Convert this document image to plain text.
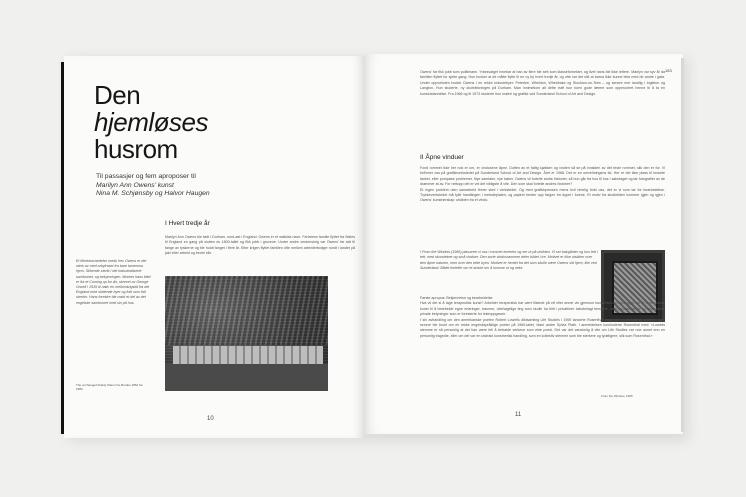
Den
hjemløses
husrom
Til passasjer og fem aproposer til
Marilyn Ann Owens’ kunst
Nina M. Schjønsby og Halvor Haugen
I Hvert tredje år
Marilyn Ann Owens ble født i Durham, nord-øst i England. Owens er et walisisk navn. Farfarens familie flyttet fra Wales til England en gang på slutten av 1800-tallet og fikk jobb i gruvene. Under andre verdenskrig var Owens’ far tatt til fange av tyskerne og ble holdt fanget i flere år. Etter krigen flyttet familien ofte mellom arbeiderboliger rundt i landet på jakt etter arbeid og bedre kår.
Et lithektosmedelse medu hev Owens er det sterk av med orbyfraset fra bare lamenma hjem. Stikende sterkt i det industrialiserte samfunnet, og bekymringen. Montes hans tittel er fra et Coming up for Air, skrevet av George Orwell i 1939 til nativ en mellomkrigstid fra det England med skittende byer og folk som falt utenfor. Hans foreldre ble raskt et del av det engelske samfunnet med sin på hus.
The unchanged Ruddy Manor De Bordes 1854 fra 1880
10
163
Owens’ far fikk jobb som politimann. Yrkesvalget innebar at han av flere ble sett som klassefornekter, og livet hans ble ikke lettere. Marilyn var syv år da familien flyttet for sjette gang. Hun husker at de måtte flytte til en ny by hvert tredje år, og ofte var det slik at barna ikke kunne leke med de andre i gata. Under oppveksten bodde Owens i en rekke industribyer: Peterlee, Wheldon, Wheldrake og Stockton-on-Tees – og senere mer landlig i Ingleton og Langton. Hun studerte, ny skolelekningen på Durham. Man innimellom alt dette traff hun noen gode lærere som oppmuntret henne til å ta en kunstutdannelse. Fra 1966 og til 1973 studerte hun maleri og grafikk ved Sunderland School of Art and Design.
II Åpne vinduer
Fordi rommet ikke her nok er om, er vindusene åpne. Duften av et fattig kjøkken og vinden så se på innsiden av det triste rommet, slik den er for. Vi befinner oss på grafikkverkstedet på Sunderland School of Art and Design. Året er 1968. Det er en omveltningens tid. Her er det ikke plass til krokete tanker, eller pompøse problemer. Nye samtaler, nye bøker. Owens vil fortelle andre historier, så hun går fra hus til hus i sabotaget og tar fotografier av de drømmer at av. For nettopp det er vel det viktigste å vite. Den som skal fortelle andres historier?
Et ingen problem uten samarbeid finner sted i verkstedet. Og med grafikkpressen mens hvit rimelig forbi oss, det er vi som tar for bearbeidelse. Trykkeverkstedet må fylle handlingen i metodeplaten, og papiret henter opp fargen fra dypet i furene. Et motiv fra studietiden kommer igjen og igjen i Owens’ kunstnerskap: utsikten fra et vindu.
I From the Window (1966) plasserer vi oss i rommet innenfor og ser ut på utsikten. Vi ser bakgårder og hus tett i tett, med skorsteiner og små vinduer. Den sorte vindusrammen deler bildet i tre. Motivet er ikke utsikten over den åpne naturen, men over den tette byen. Motivet er hentet fra det som skulle være Owens sitt hjem, like ved Sunderland. Bildet forteller om et ønske om å komme ut og vekk.
Første apropos: Bekjennelse og bearbeidelse
Hva vil det si å lage terapeutisk kunst? Arbeider terapeutisk har vært tilstede på ett eller annet vis gjennom kunsthistorien. Anlegget om et noen brukte kunst til å bearbeide egne erfaringer, traumer, ubehagelige ting som skulle ha blitt i privatlivet: tabubelagt tematikk, som psykisk helse og seksualitet, private betyninger som er foresterte for lekeoppgaven.
I sin avhandling om den amerikanske poeten Robert Lowells diktsamling Life Studies i 1959 lanserte Rosenthal begrepet «confessional poetry», som senere ble brukt om en rekke engelskspråklige poeter på 1960-tallet, blant andre Sylvia Plath. I anmeldelsen konkluderte Rosenthal med: «Lowells stemme er så personlig at det kan være feil å betrakte verkene som ekte poesi. Det var det vanskelig å vite om Life Studies var noe annet enn en personlig tragedie, eller om det var en utstrakt kunstnerisk handling, som en kollektiv stemme som ble sterkere og tydeligere, slik som Rosenthal.»
From the Window, 1966
11
